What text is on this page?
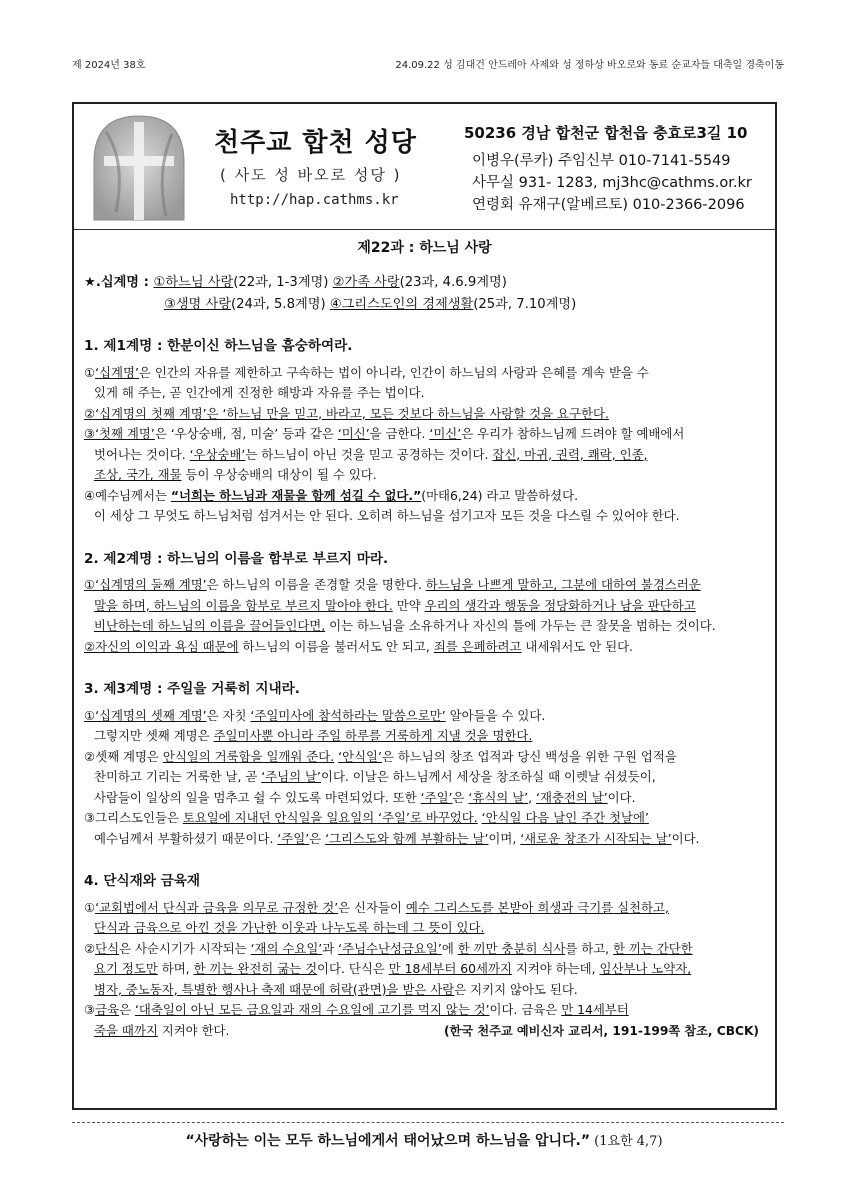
제 2024년 38호	24.09.22 성 김대건 안드레아 사제와 성 정하상 바오로와 동료 순교자들 대축일 경축이동
천주교 합천 성당
( 사도 성 바오로 성당 )
http://hap.cathms.kr
50236 경남 합천군 합천읍 충효로3길 10
이병우(루카) 주임신부 010-7141-5549
사무실 931- 1283, mj3hc@cathms.or.kr
연령회 유재구(알베르토) 010-2366-2096
제22과 : 하느님 사랑
★.십계명 : ①하느님 사랑(22과, 1-3계명) ②가족 사랑(23과, 4.6.9계명)
③생명 사랑(24과, 5.8계명) ④그리스도인의 경제생활(25과, 7.10계명)
1. 제1계명 : 한분이신 하느님을 흠숭하여라.
①‘십계명’은 인간의 자유를 제한하고 구속하는 법이 아니라, 인간이 하느님의 사랑과 은혜를 계속 받을 수
있게 해 주는, 곧 인간에게 진정한 해방과 자유를 주는 법이다.
②‘십계명의 첫째 계명’은 ‘하느님 만을 믿고, 바라고, 모든 것보다 하느님을 사랑할 것을 요구한다.
③‘첫째 계명’은 ‘우상숭배, 점, 미술’ 등과 같은 ‘미신’을 금한다. ‘미신’은 우리가 참하느님께 드려야 할 예배에서
벗어나는 것이다. ‘우상숭배’는 하느님이 아닌 것을 믿고 공경하는 것이다. 잡신, 마귀, 권력, 쾌락, 인종,
조상, 국가, 재물 등이 우상숭배의 대상이 될 수 있다.
④예수님께서는 “너희는 하느님과 재물을 함께 섬길 수 없다.”(마태6,24) 라고 말씀하셨다.
이 세상 그 무엇도 하느님처럼 섬겨서는 안 된다. 오히려 하느님을 섬기고자 모든 것을 다스릴 수 있어야 한다.
2. 제2계명 : 하느님의 이름을 함부로 부르지 마라.
①‘십계명의 둘째 계명’은 하느님의 이름을 존경할 것을 명한다. 하느님을 나쁘게 말하고, 그분에 대하여 불경스러운
말을 하며, 하느님의 이름을 함부로 부르지 말아야 한다. 만약 우리의 생각과 행동을 정당화하거나 남을 판단하고
비난하는데 하느님의 이름을 끌어들인다면, 이는 하느님을 소유하거나 자신의 틀에 가두는 큰 잘못을 범하는 것이다.
②자신의 이익과 욕심 때문에 하느님의 이름을 불러서도 안 되고, 죄를 은폐하려고 내세워서도 안 된다.
3. 제3계명 : 주일을 거룩히 지내라.
①‘십계명의 셋째 계명’은 자칫 ‘주일미사에 참석하라는 말씀으로만’ 알아들을 수 있다.
그렇지만 셋째 계명은 주일미사뿐 아니라 주일 하루를 거룩하게 지낼 것을 명한다.
②셋째 계명은 안식일의 거룩함을 일깨워 준다. ‘안식일’은 하느님의 창조 업적과 당신 백성을 위한 구원 업적을
찬미하고 기리는 거룩한 날, 곧 ‘주님의 날’이다. 이날은 하느님께서 세상을 창조하실 때 이렛날 쉬셨듯이,
사람들이 일상의 일을 멈추고 쉴 수 있도록 마련되었다. 또한 ‘주일’은 ‘휴식의 날’, ‘재충전의 날’이다.
③그리스도인들은 토요일에 지내던 안식일을 일요일의 ‘주일’로 바꾸었다. ‘안식일 다음 날인 주간 첫날에’
예수님께서 부활하셨기 때문이다. ‘주일’은 ‘그리스도와 함께 부활하는 날’이며, ‘새로운 창조가 시작되는 날’이다.
4. 단식재와 금육재
①‘교회법에서 단식과 금육을 의무로 규정한 것’은 신자들이 예수 그리스도를 본받아 희생과 극기를 실천하고,
단식과 금육으로 아낀 것을 가난한 이웃과 나누도록 하는데 그 뜻이 있다.
②단식은 사순시기가 시작되는 ‘재의 수요일’과 ‘주님수난성금요일’에 한 끼만 충분히 식사를 하고, 한 끼는 간단한
요기 정도만 하며, 한 끼는 완전히 굶는 것이다. 단식은 만 18세부터 60세까지 지켜야 하는데, 임산부나 노약자,
병자, 중노동자, 특별한 행사나 축제 때문에 허락(관면)을 받은 사람은 지키지 않아도 된다.
③금육은 ‘대축일이 아닌 모든 금요일과 재의 수요일에 고기를 먹지 않는 것’이다. 금육은 만 14세부터
죽을 때까지 지켜야 한다.	(한국 천주교 예비신자 교리서, 191-199쪽 참조, CBCK)
“사랑하는 이는 모두 하느님에게서 태어났으며 하느님을 압니다.” (1요한 4,7)
